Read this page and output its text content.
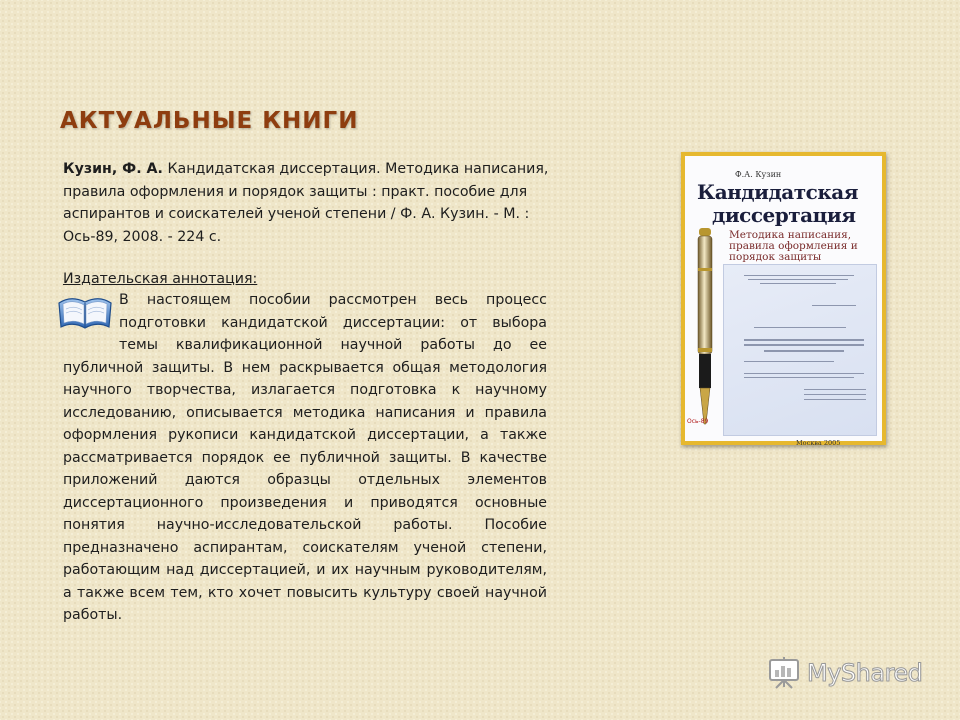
АКТУАЛЬНЫЕ КНИГИ

Кузин, Ф. А. Кандидатская диссертация. Методика написания, правила оформления и порядок защиты : практ. пособие для аспирантов и соискателей ученой степени / Ф. А. Кузин. - М. : Ось-89, 2008. - 224 с.

Издательская аннотация:

В настоящем пособии рассмотрен весь процесс подготовки кандидатской диссертации: от выбора темы квалификационной научной работы до ее публичной защиты. В нем раскрывается общая методология научного творчества, излагается подготовка к научному исследованию, описывается методика написания и правила оформления рукописи кандидатской диссертации, а также рассматривается порядок ее публичной защиты. В качестве приложений даются образцы отдельных элементов диссертационного произведения и приводятся основные понятия научно-исследовательской работы. Пособие предназначено аспирантам, соискателям ученой степени, работающим над диссертацией, и их научным руководителям, а также всем тем, кто хочет повысить культуру своей научной работы.

Ф.А. Кузин
Кандидатская
диссертация
Методика написания, правила оформления и порядок защиты
Москва 2005
Ось-89
MyShared
